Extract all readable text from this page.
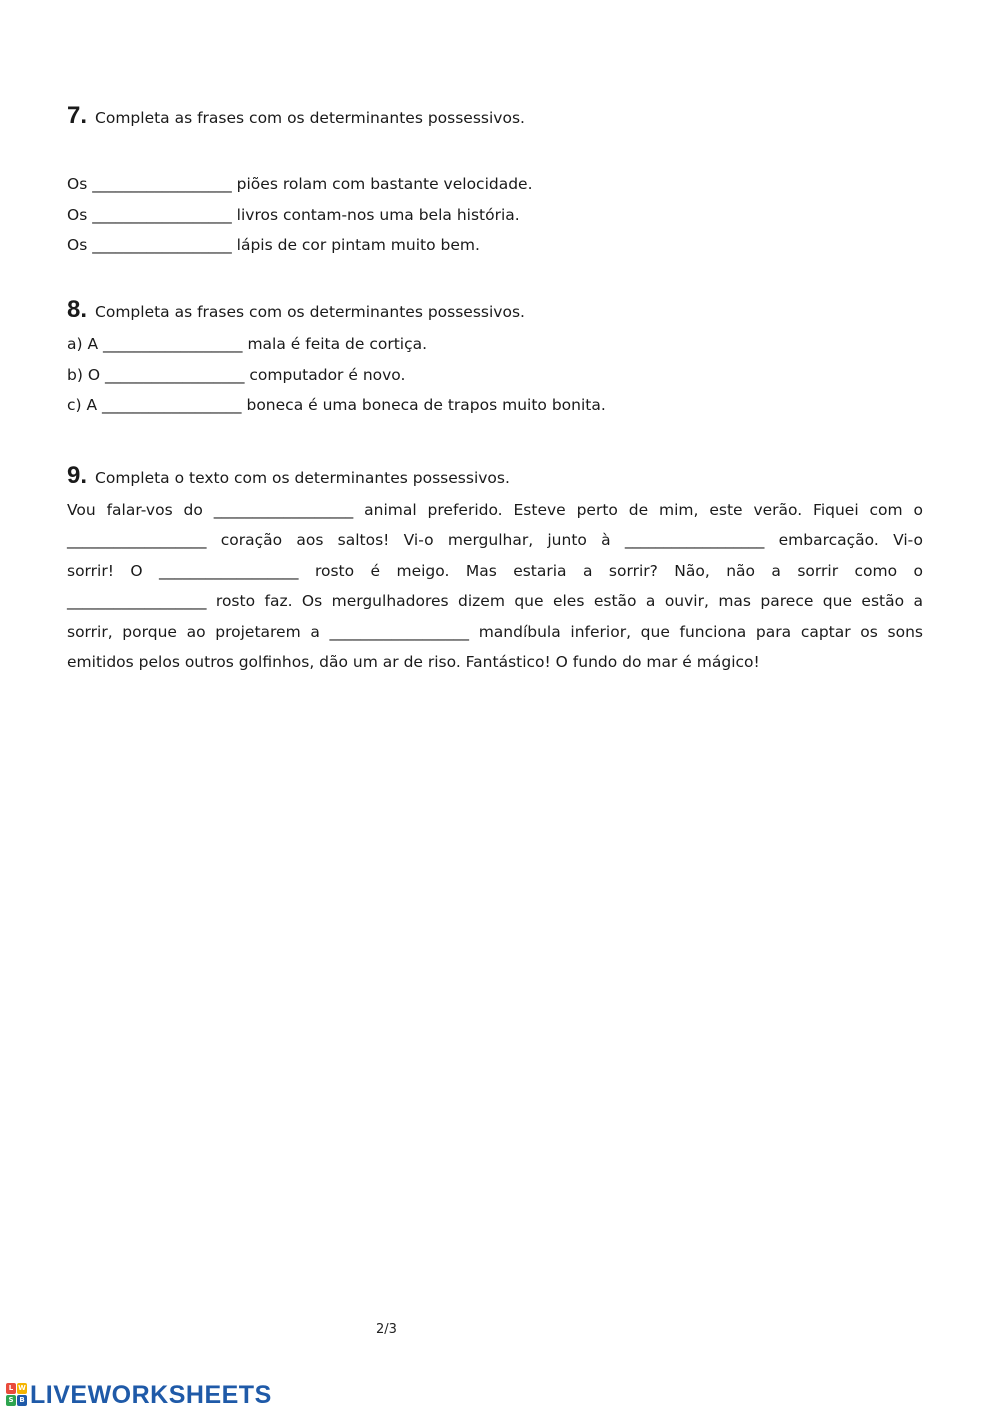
7. Completa as frases com os determinantes possessivos.
Os __________________ piões rolam com bastante velocidade.
Os __________________ livros contam-nos uma bela história.
Os __________________ lápis de cor pintam muito bem.
8. Completa as frases com os determinantes possessivos.
a) A __________________ mala é feita de cortiça.
b) O __________________ computador é novo.
c) A __________________ boneca é uma boneca de trapos muito bonita.
9. Completa o texto com os determinantes possessivos.
Vou falar-vos do __________________ animal preferido. Esteve perto de mim, este verão. Fiquei com o
__________________ coração aos saltos! Vi-o mergulhar, junto à __________________ embarcação. Vi-o
sorrir! O __________________ rosto é meigo. Mas estaria a sorrir? Não, não a sorrir como o
__________________ rosto faz. Os mergulhadores dizem que eles estão a ouvir, mas parece que estão a
sorrir, porque ao projetarem a __________________ mandíbula inferior, que funciona para captar os sons
emitidos pelos outros golfinhos, dão um ar de riso. Fantástico! O fundo do mar é mágico!
2/3
L W
S B LIVEWORKSHEETS
